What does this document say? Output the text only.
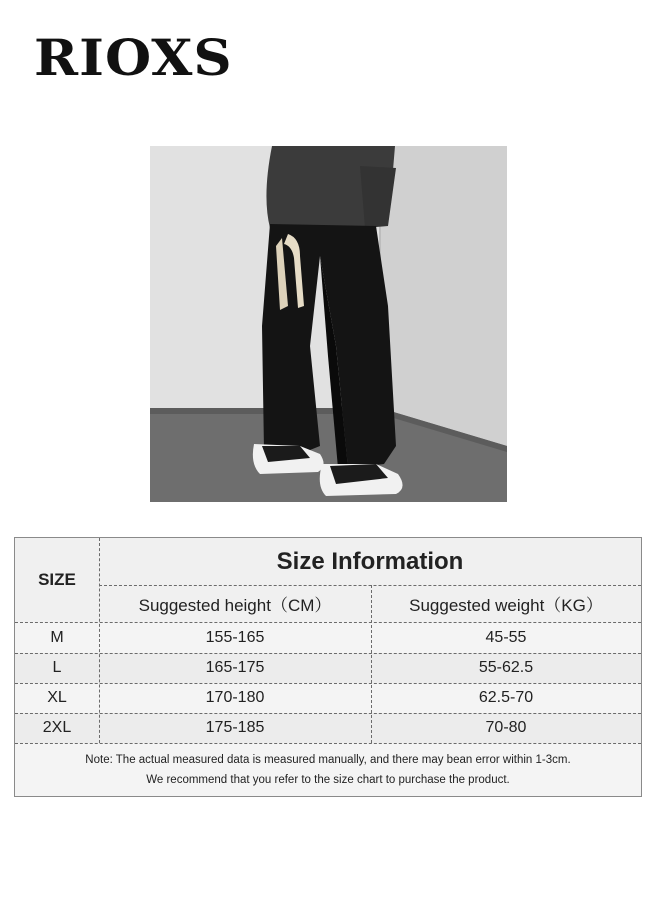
RIOXS
SIZE
Size Information
Suggested height（CM）	Suggested weight（KG）
M	155-165	45-55
L	165-175	55-62.5
XL	170-180	62.5-70
2XL	175-185	70-80
Note: The actual measured data is measured manually, and there may bean error within 1-3cm.
We recommend that you refer to the size chart to purchase the product.
